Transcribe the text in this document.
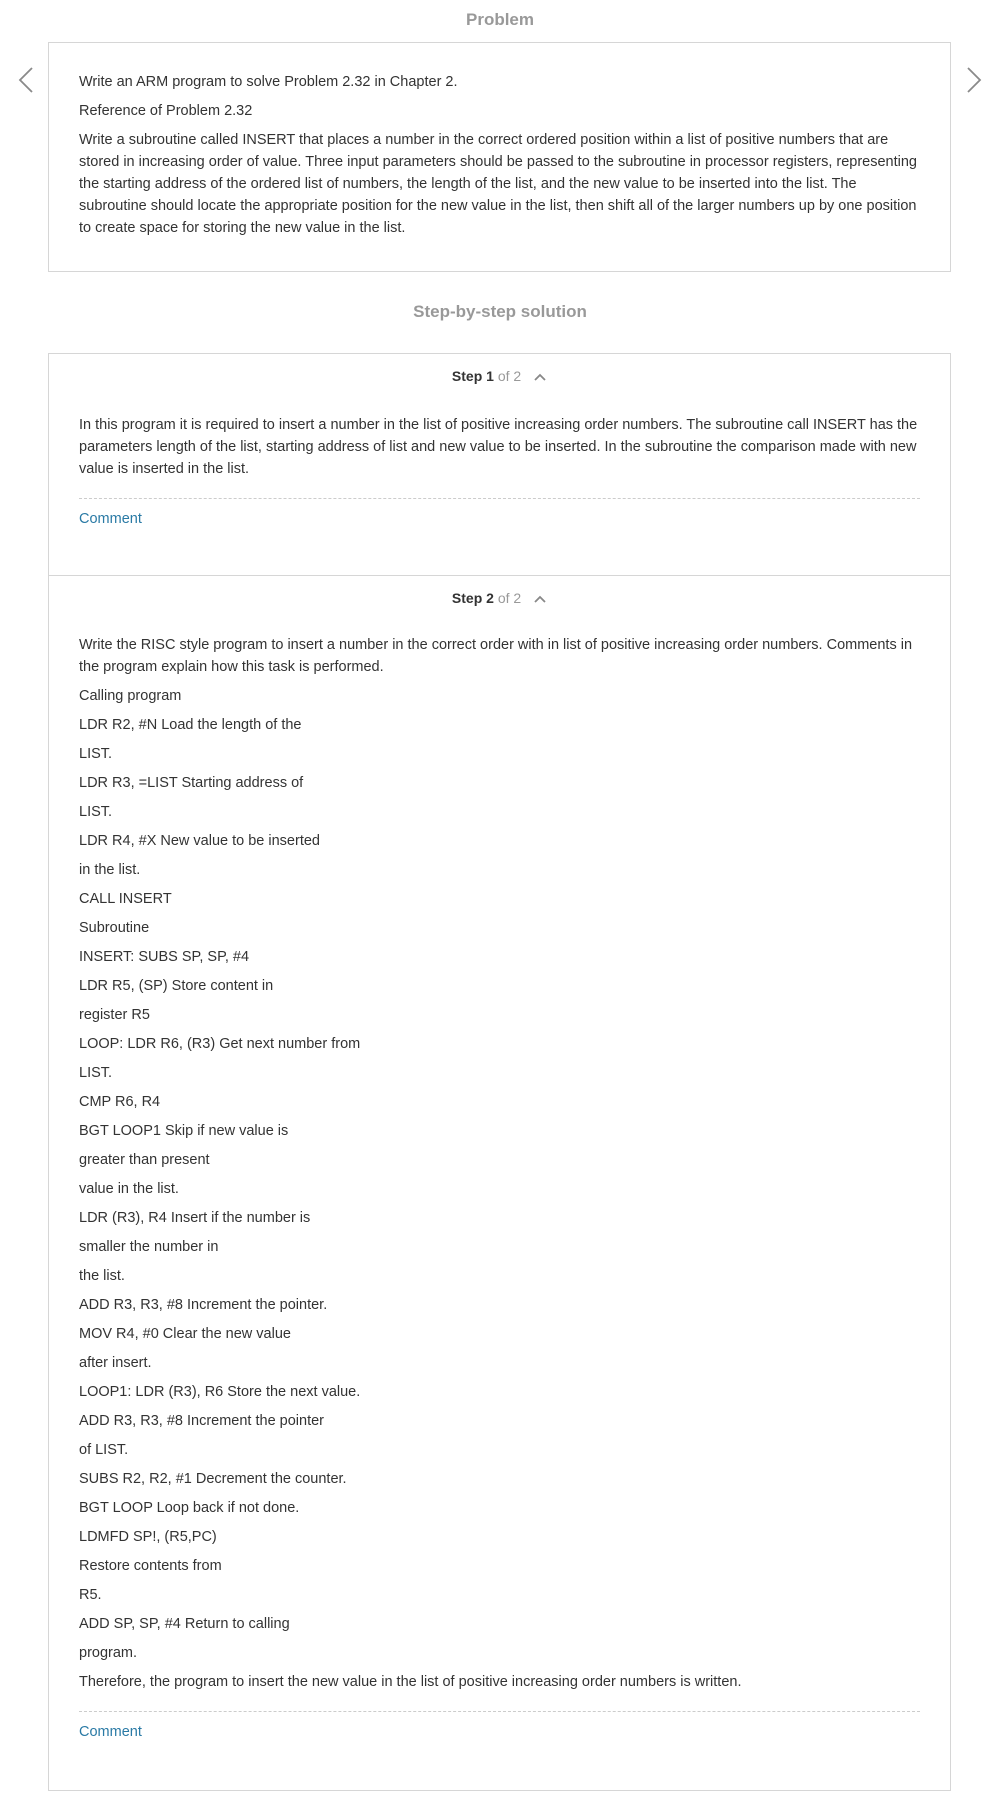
Problem

Write an ARM program to solve Problem 2.32 in Chapter 2.

Reference of Problem 2.32

Write a subroutine called INSERT that places a number in the correct ordered position within a list of positive numbers that are stored in increasing order of value. Three input parameters should be passed to the subroutine in processor registers, representing the starting address of the ordered list of numbers, the length of the list, and the new value to be inserted into the list. The subroutine should locate the appropriate position for the new value in the list, then shift all of the larger numbers up by one position to create space for storing the new value in the list.

Step-by-step solution
Step 1 of 2

In this program it is required to insert a number in the list of positive increasing order numbers. The subroutine call INSERT has the parameters length of the list, starting address of list and new value to be inserted. In the subroutine the comparison made with new value is inserted in the list.

Comment
Step 2 of 2

Write the RISC style program to insert a number in the correct order with in list of positive increasing order numbers. Comments in the program explain how this task is performed.

Calling program

LDR R2, #N Load the length of the

LIST.

LDR R3, =LIST Starting address of

LIST.

LDR R4, #X New value to be inserted

in the list.

CALL INSERT

Subroutine

INSERT: SUBS SP, SP, #4

LDR R5, (SP) Store content in

register R5

LOOP: LDR R6, (R3) Get next number from

LIST.

CMP R6, R4

BGT LOOP1 Skip if new value is

greater than present

value in the list.

LDR (R3), R4 Insert if the number is

smaller the number in

the list.

ADD R3, R3, #8 Increment the pointer.

MOV R4, #0 Clear the new value

after insert.

LOOP1: LDR (R3), R6 Store the next value.

ADD R3, R3, #8 Increment the pointer

of LIST.

SUBS R2, R2, #1 Decrement the counter.

BGT LOOP Loop back if not done.

LDMFD SP!, (R5,PC)

Restore contents from

R5.

ADD SP, SP, #4 Return to calling

program.

Therefore, the program to insert the new value in the list of positive increasing order numbers is written.

Comment
